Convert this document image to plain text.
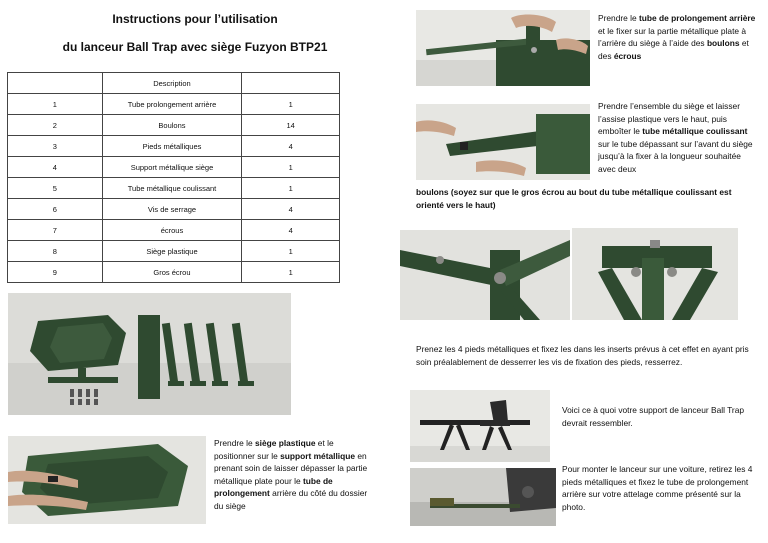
Instructions pour l’utilisation
du lanceur Ball Trap avec siège Fuzyon BTP21
	Description	
1	Tube prolongement arrière	1
2	Boulons	14
3	Pieds métalliques	4
4	Support métallique siège	1
5	Tube métallique coulissant	1
6	Vis de serrage	4
7	écrous	4
8	Siège plastique	1
9	Gros écrou	1
Prendre le siège plastique et le positionner sur le support métallique en prenant soin de laisser dépasser la partie métallique plate pour le tube de prolongement arrière du côté du dossier du siège
Prendre le tube de prolongement arrière et le fixer sur la partie métallique plate à l’arrière du siège à l’aide des boulons et des écrous
Prendre l’ensemble du siège et laisser l’assise plastique vers le haut, puis emboîter le tube métallique coulissant sur le tube dépassant sur l’avant du siège jusqu’à la fixer à la longueur souhaitée avec deux
boulons (soyez sur que le gros écrou au bout du tube métallique coulissant est orienté vers le haut)
Prenez les 4 pieds métalliques et fixez les dans les inserts prévus à cet effet en ayant pris soin préalablement de desserrer les vis de fixation des pieds, resserrez.
Voici ce à quoi votre support de lanceur Ball Trap devrait ressembler.
Pour monter le lanceur sur une voiture, retirez les 4 pieds métalliques et fixez le tube de prolongement arrière sur votre attelage comme présenté sur la photo.
